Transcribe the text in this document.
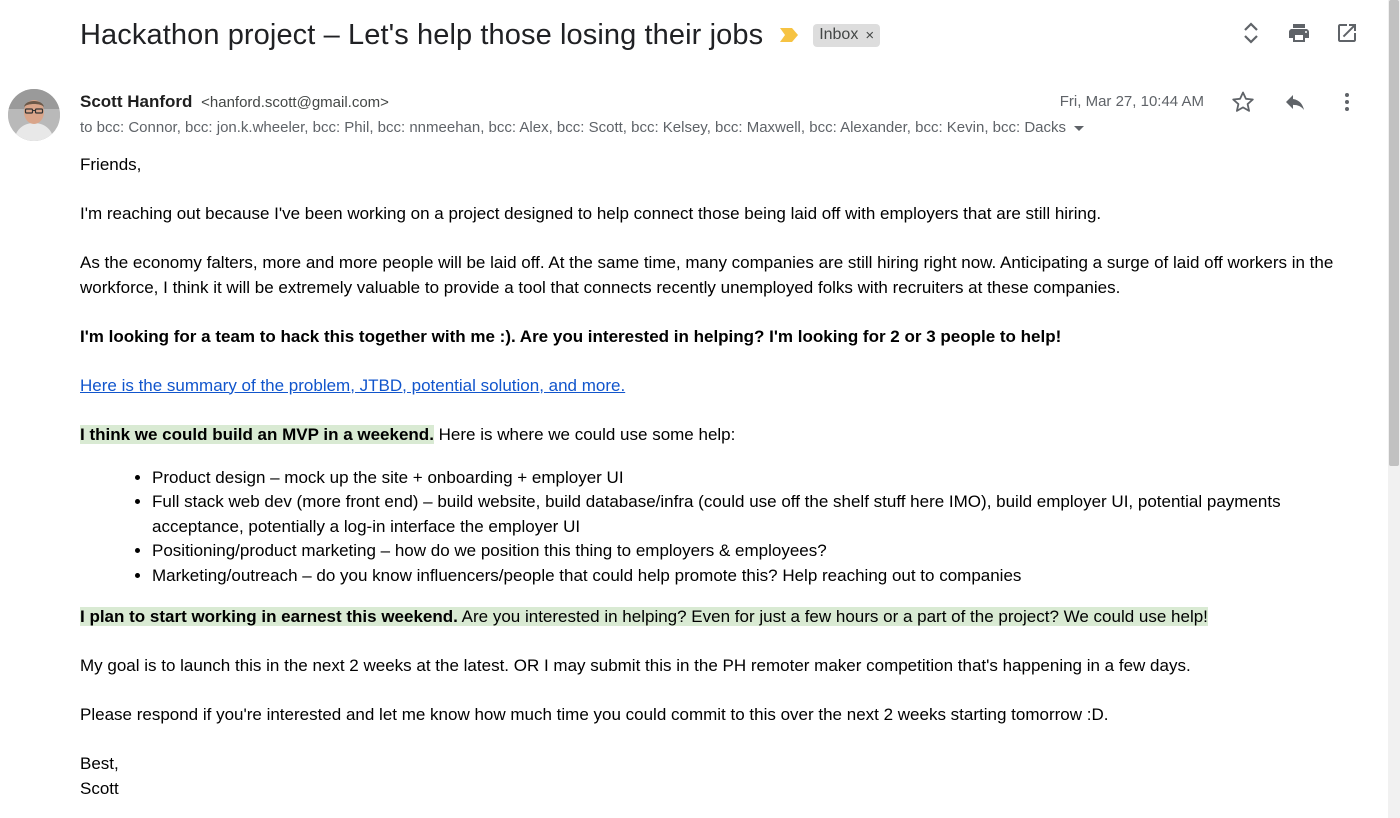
Hackathon project – Let's help those losing their jobs	Inbox ×
Scott Hanford <hanford.scott@gmail.com>
to bcc: Connor, bcc: jon.k.wheeler, bcc: Phil, bcc: nnmeehan, bcc: Alex, bcc: Scott, bcc: Kelsey, bcc: Maxwell, bcc: Alexander, bcc: Kevin, bcc: Dacks
Fri, Mar 27, 10:44 AM

Friends,

I'm reaching out because I've been working on a project designed to help connect those being laid off with employers that are still hiring.

As the economy falters, more and more people will be laid off. At the same time, many companies are still hiring right now. Anticipating a surge of laid off workers in the workforce, I think it will be extremely valuable to provide a tool that connects recently unemployed folks with recruiters at these companies.

I'm looking for a team to hack this together with me :). Are you interested in helping? I'm looking for 2 or 3 people to help!

Here is the summary of the problem, JTBD, potential solution, and more.

I think we could build an MVP in a weekend. Here is where we could use some help:

• Product design – mock up the site + onboarding + employer UI
• Full stack web dev (more front end) – build website, build database/infra (could use off the shelf stuff here IMO), build employer UI, potential payments acceptance, potentially a log-in interface the employer UI
• Positioning/product marketing – how do we position this thing to employers & employees?
• Marketing/outreach – do you know influencers/people that could help promote this? Help reaching out to companies

I plan to start working in earnest this weekend. Are you interested in helping? Even for just a few hours or a part of the project? We could use help!

My goal is to launch this in the next 2 weeks at the latest. OR I may submit this in the PH remoter maker competition that's happening in a few days.

Please respond if you're interested and let me know how much time you could commit to this over the next 2 weeks starting tomorrow :D.

Best,

Scott
